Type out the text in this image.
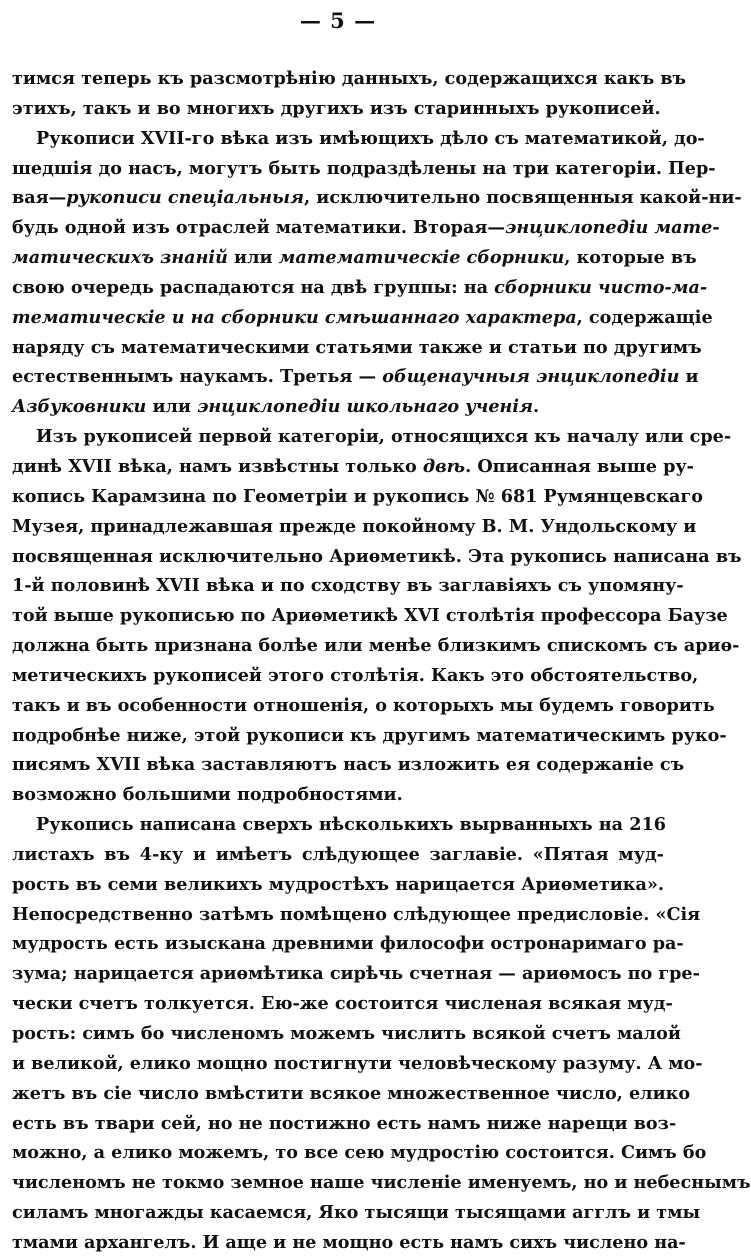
— 5 —
тимся теперь къ разсмотрѣнію данныхъ, содержащихся какъ въ
этихъ, такъ и во многихъ другихъ изъ старинныхъ рукописей.
Рукописи XVII-го вѣка изъ имѣющихъ дѣло съ математикой, до-
шедшія до насъ, могутъ быть подраздѣлены на три категоріи. Пер-
вая—рукописи спеціальныя, исключительно посвященныя какой-ни-
будь одной изъ отраслей математики. Вторая—энциклопедіи мате-
матическихъ знаній или математическіе сборники, которые въ
свою очередь распадаются на двѣ группы: на сборники чисто-ма-
тематическіе и на сборники смѣшаннаго характера, содержащіе
наряду съ математическими статьями также и статьи по другимъ
естественнымъ наукамъ. Третья — общенаучныя энциклопедіи и
Азбуковники или энциклопедіи школьнаго ученія.
Изъ рукописей первой категоріи, относящихся къ началу или сре-
динѣ XVII вѣка, намъ извѣстны только двѣ. Описанная выше ру-
копись Карамзина по Геометріи и рукопись № 681 Румянцевскаго
Музея, принадлежавшая прежде покойному В. М. Ундольскому и
посвященная исключительно Ариѳметикѣ. Эта рукопись написана въ
1-й половинѣ XVII вѣка и по сходству въ заглавіяхъ съ упомяну-
той выше рукописью по Ариѳметикѣ XVI столѣтія профессора Баузе
должна быть признана болѣе или менѣе близкимъ спискомъ съ ариѳ-
метическихъ рукописей этого столѣтія. Какъ это обстоятельство,
такъ и въ особенности отношенія, о которыхъ мы будемъ говорить
подробнѣе ниже, этой рукописи къ другимъ математическимъ руко-
писямъ XVII вѣка заставляютъ насъ изложить ея содержаніе съ
возможно большими подробностями.
Рукопись написана сверхъ нѣсколькихъ вырванныхъ на 216
листахъ въ 4-ку и имѣетъ слѣдующее заглавіе. «Пятая муд-
рость въ семи великихъ мудростѣхъ нарицается Ариѳметика».
Непосредственно затѣмъ помѣщено слѣдующее предисловіе. «Сія
мудрость есть изыскана древними философи остронаримаго ра-
зума; нарицается ариѳмѣтика сирѣчь счетная — ариѳмосъ по гре-
чески счетъ толкуется. Ею-же состоится численая всякая муд-
рость: симъ бо численомъ можемъ числить всякой счетъ малой
и великой, елико мощно постигнути человѣческому разуму. А мо-
жетъ въ сіе число вмѣстити всякое множественное число, елико
есть въ твари сей, но не постижно есть намъ ниже нарещи воз-
можно, а елико можемъ, то все сею мудростію состоится. Симъ бо
численомъ не токмо земное наше численіе именуемъ, но и небеснымъ
силамъ многажды касаемся, Яко тысящи тысящами агглъ и тмы
тмами архангелъ. И аще и не мощно есть намъ сихъ числено на-
